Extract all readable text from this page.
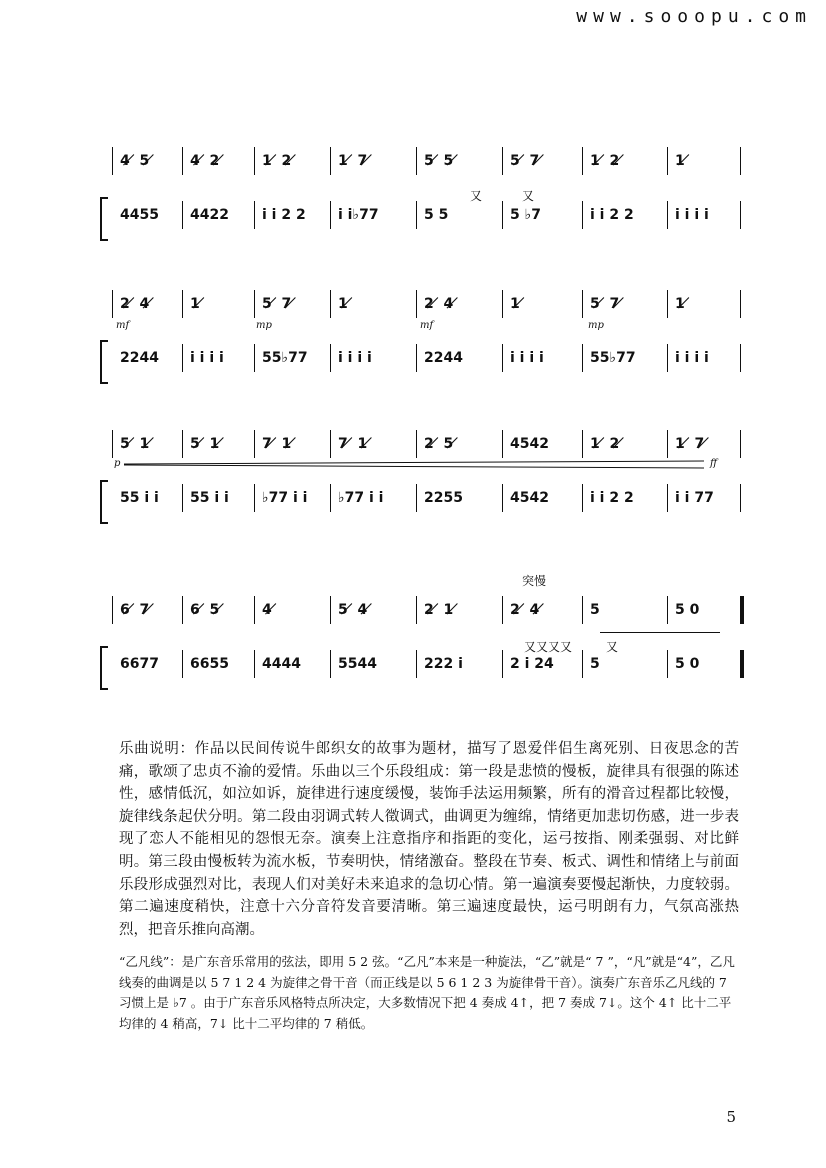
www.sooopu.com
4 ̸ 5 ̸	4 ̸ 2 ̸	1 ̸ 2 ̸	1 ̸ 7 ̸	5 ̸ 5 ̸	5 ̸ 7 ̸	1 ̸ 2 ̸	1 ̸
4455	4422	i i 2 2	i i♭77	5 5	5 ♭7	i i 2 2	i i i i
又	又
2 ̸ 4 ̸	1 ̸	5 ̸ 7 ̸	1 ̸	2 ̸ 4 ̸	1 ̸	5 ̸ 7 ̸	1 ̸
2244	i i i i	55♭77	i i i i	2244	i i i i	55♭77	i i i i
mf	mp	mf	mp
5 ̸ 1 ̸	5 ̸ 1 ̸	7 ̸ 1 ̸	7 ̸ 1 ̸	2 ̸ 5 ̸	4542	1 ̸ 2 ̸	1 ̸ 7 ̸
55 i i	55 i i	♭77 i i	♭77 i i	2255	4542	i i 2 2	i i 77
p	ff
6 ̸ 7 ̸	6 ̸ 5 ̸	4 ̸	5 ̸ 4 ̸	2 ̸ 1 ̸	2 ̸ 4 ̸	5	5 0
6677	6655	4444	5544	222 i	2 i 24	5	5 0
突慢
又又又又	又
乐曲说明：作品以民间传说牛郎织女的故事为题材，描写了恩爱伴侣生离死别、日夜思念的苦痛，歌颂了忠贞不渝的爱情。乐曲以三个乐段组成：第一段是悲愤的慢板，旋律具有很强的陈述性，感情低沉，如泣如诉，旋律进行速度缓慢，装饰手法运用频繁，所有的滑音过程都比较慢，旋律线条起伏分明。第二段由羽调式转人徵调式，曲调更为缠绵，情绪更加悲切伤感，进一步表现了恋人不能相见的怨恨无奈。演奏上注意指序和指距的变化，运弓按指、刚柔强弱、对比鲜明。第三段由慢板转为流水板，节奏明快，情绪激奋。整段在节奏、板式、调性和情绪上与前面乐段形成强烈对比，表现人们对美好未来追求的急切心情。第一遍演奏要慢起渐快，力度较弱。第二遍速度稍快，注意十六分音符发音要清晰。第三遍速度最快，运弓明朗有力，气氛高涨热烈，把音乐推向高潮。
“乙凡线”：是广东音乐常用的弦法，即用 5 2 弦。“乙凡”本来是一种旋法，“乙”就是“ 7 ”，“凡”就是“4”，乙凡线奏的曲调是以 5 7 1 2 4 为旋律之骨干音（而正线是以 5 6 1 2 3 为旋律骨干音）。演奏广东音乐乙凡线的 7 习惯上是 ♭7 。由于广东音乐风格特点所决定，大多数情况下把 4 奏成 4↑，把 7 奏成 7↓。这个 4↑ 比十二平均律的 4 稍高，7↓ 比十二平均律的 7 稍低。
5
